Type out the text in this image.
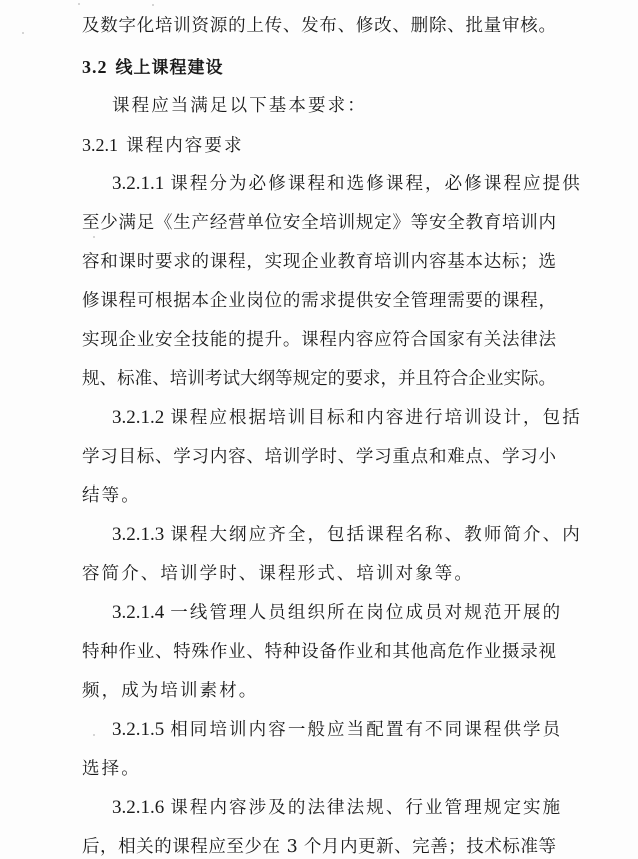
及数字化培训资源的上传、发布、修改、删除、批量审核。
3.2 线上课程建设
课程应当满足以下基本要求：
3.2.1 课程内容要求
3.2.1.1 课程分为必修课程和选修课程，必修课程应提供
至少满足《生产经营单位安全培训规定》等安全教育培训内
容和课时要求的课程，实现企业教育培训内容基本达标；选
修课程可根据本企业岗位的需求提供安全管理需要的课程，
实现企业安全技能的提升。课程内容应符合国家有关法律法
规、标准、培训考试大纲等规定的要求，并且符合企业实际。
3.2.1.2 课程应根据培训目标和内容进行培训设计，包括
学习目标、学习内容、培训学时、学习重点和难点、学习小
结等。
3.2.1.3 课程大纲应齐全，包括课程名称、教师简介、内
容简介、培训学时、课程形式、培训对象等。
3.2.1.4 一线管理人员组织所在岗位成员对规范开展的
特种作业、特殊作业、特种设备作业和其他高危作业摄录视
频，成为培训素材。
3.2.1.5 相同培训内容一般应当配置有不同课程供学员
选择。
3.2.1.6 课程内容涉及的法律法规、行业管理规定实施
后，相关的课程应至少在 3 个月内更新、完善；技术标准等
